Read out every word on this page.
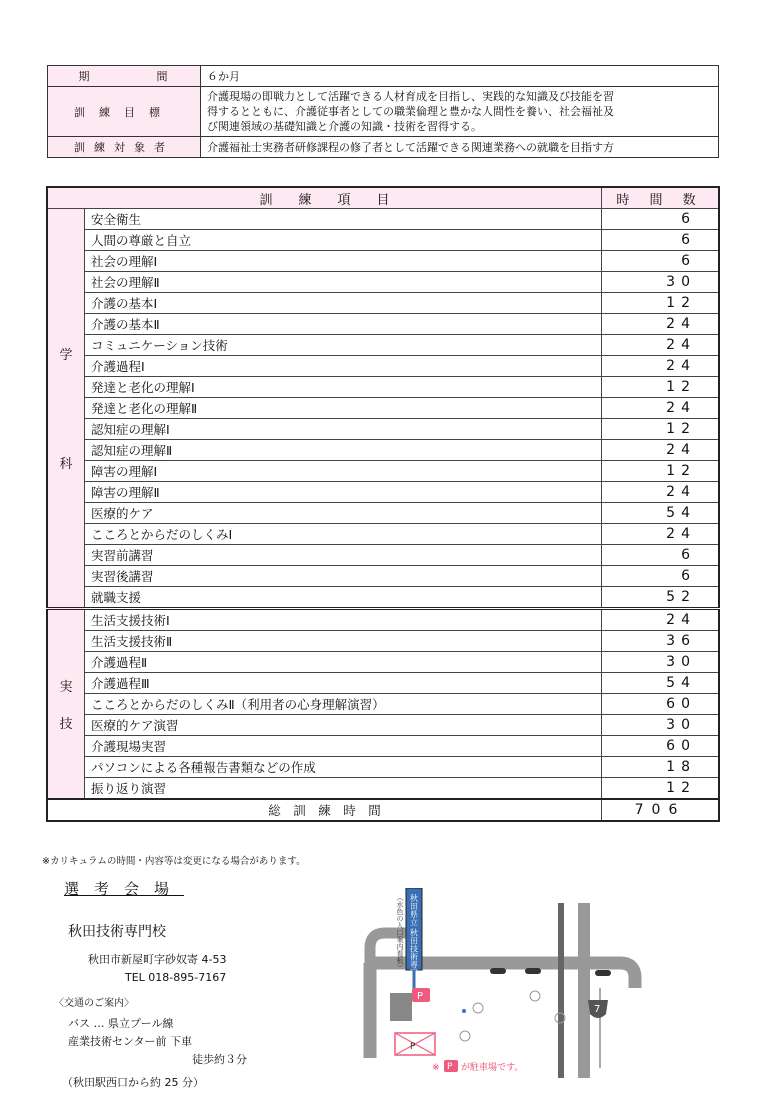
期　　　　　間	６か月
訓練目標	介護現場の即戦力として活躍できる人材育成を目指し、実践的な知識及び技能を習
得するとともに、介護従事者としての職業倫理と豊かな人間性を養い、社会福祉及
び関連領域の基礎知識と介護の知識・技術を習得する。

訓練対象者	介護福祉士実務者研修課程の修了者として活躍できる関連業務への就職を目指す方
訓　　練　　項　　目		時 間 数

学
科	安全衛生	6
	人間の尊厳と自立	6
	社会の理解Ⅰ	6
	社会の理解Ⅱ	30
	介護の基本Ⅰ	12
	介護の基本Ⅱ	24
	コミュニケーション技術	24
	介護過程Ⅰ	24
	発達と老化の理解Ⅰ	12
	発達と老化の理解Ⅱ	24
	認知症の理解Ⅰ	12
	認知症の理解Ⅱ	24
	障害の理解Ⅰ	12
	障害の理解Ⅱ	24
	医療的ケア	54
	こころとからだのしくみⅠ	24
	実習前講習	6
	実習後講習	6
	就職支援	52

実
技	生活支援技術Ⅰ	24
	生活支援技術Ⅱ	36
	介護過程Ⅱ	30
	介護過程Ⅲ	54
	こころとからだのしくみⅡ（利用者の心身理解演習）	60
	医療的ケア演習	30
	介護現場実習	60
	パソコンによる各種報告書類などの作成	18
	振り返り演習	12
総　訓　練　時　間		706
※カリキュラムの時間・内容等は変更になる場合があります。
選考会場
秋田技術専門校
秋田市新屋町字砂奴寄 4-53
TEL 018-895-7167
〈交通のご案内〉
バス … 県立プール線
産業技術センター前 下車
徒歩約３分
（秋田駅西口から約 25 分）
秋田県立 秋田技術専門校
（水色の入口案内看板）
P
P
7
※ P が駐車場です。
